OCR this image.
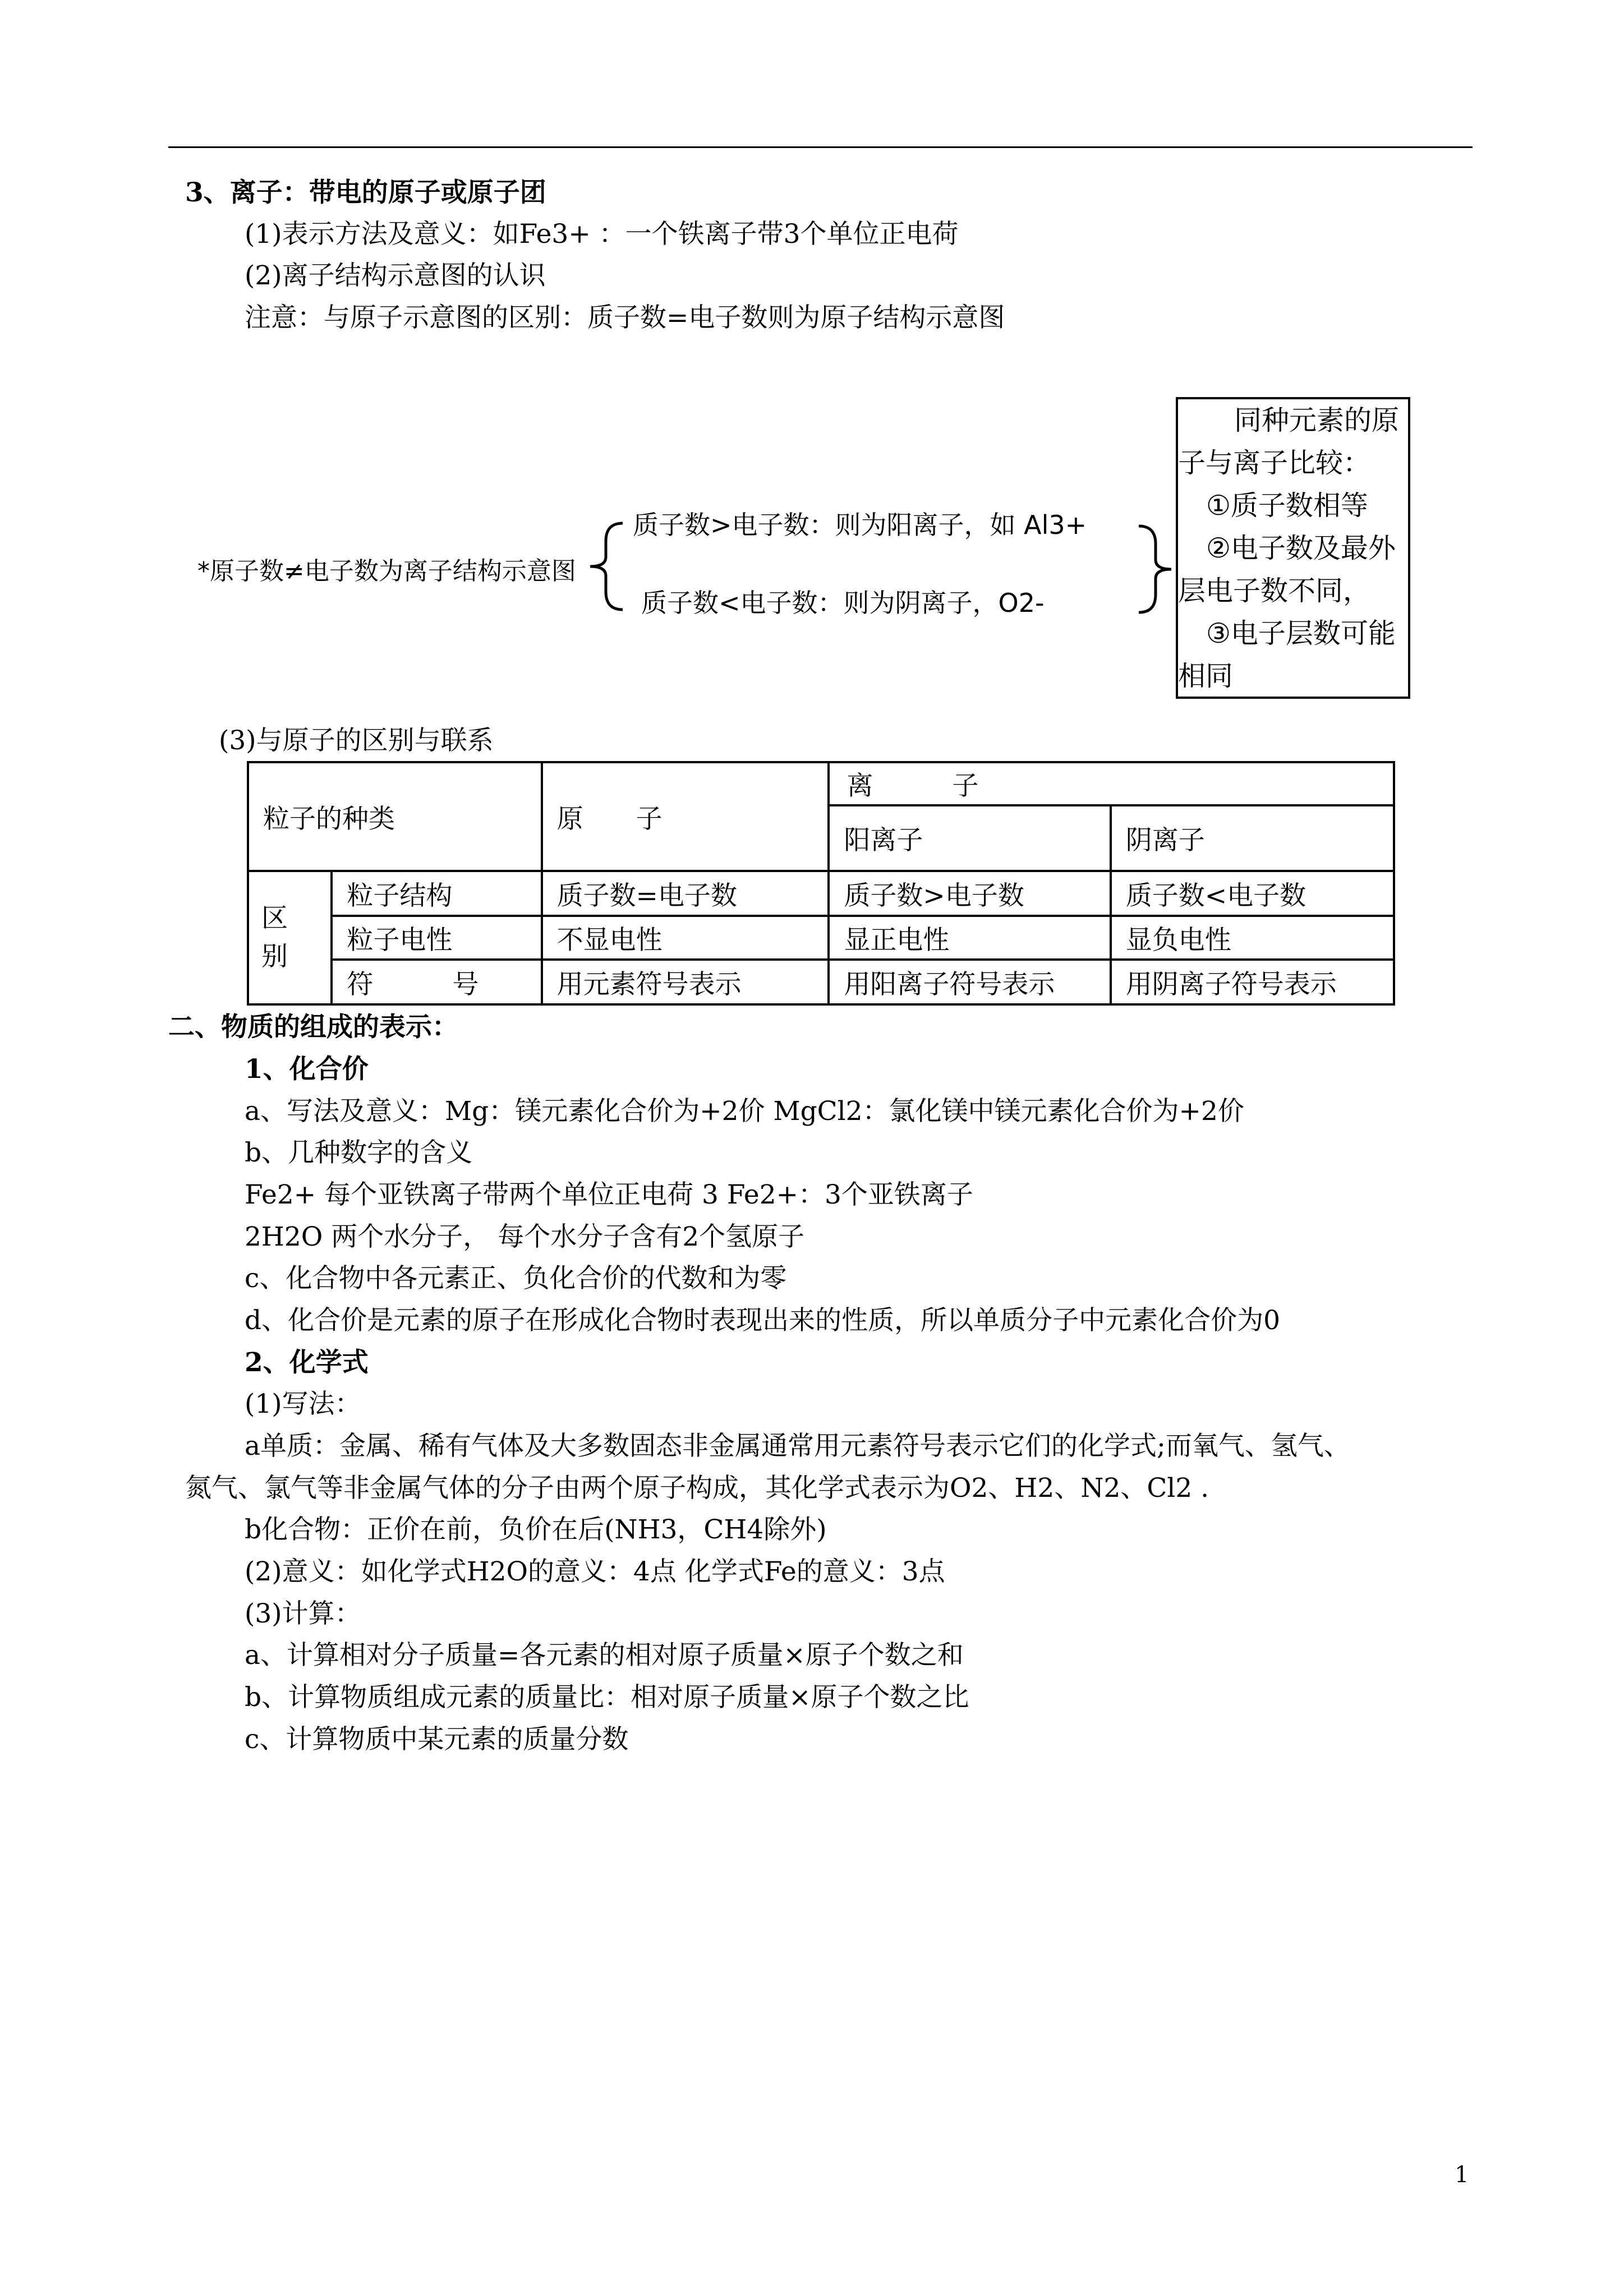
3、离子：带电的原子或原子团
(1)表示方法及意义：如Fe3+ ：一个铁离子带3个单位正电荷
(2)离子结构示意图的认识
注意：与原子示意图的区别：质子数=电子数则为原子结构示意图
*原子数≠电子数为离子结构示意图
质子数>电子数：则为阳离子，如 Al3+
质子数<电子数：则为阴离子，O2-
同种元素的原
子与离子比较：
①质子数相等
②电子数及最外
层电子数不同，
③电子层数可能
相同
(3)与原子的区别与联系
粒子的种类		原　　子	离　　　子	
			阳离子	阴离子
区
别	粒子结构	质子数=电子数	质子数>电子数	质子数<电子数
	粒子电性	不显电性	显正电性	显负电性
	符　　　号	用元素符号表示	用阳离子符号表示	用阴离子符号表示
二、物质的组成的表示：
1、化合价
a、写法及意义：Mg：镁元素化合价为+2价 MgCl2：氯化镁中镁元素化合价为+2价
b、几种数字的含义
Fe2+ 每个亚铁离子带两个单位正电荷 3 Fe2+：3个亚铁离子
2H2O 两个水分子， 每个水分子含有2个氢原子
c、化合物中各元素正、负化合价的代数和为零
d、化合价是元素的原子在形成化合物时表现出来的性质，所以单质分子中元素化合价为0
2、化学式
(1)写法：
a单质：金属、稀有气体及大多数固态非金属通常用元素符号表示它们的化学式;而氧气、氢气、
氮气、氯气等非金属气体的分子由两个原子构成，其化学式表示为O2、H2、N2、Cl2 .
b化合物：正价在前，负价在后(NH3，CH4除外)
(2)意义：如化学式H2O的意义：4点 化学式Fe的意义：3点
(3)计算：
a、计算相对分子质量=各元素的相对原子质量×原子个数之和
b、计算物质组成元素的质量比：相对原子质量×原子个数之比
c、计算物质中某元素的质量分数
1
